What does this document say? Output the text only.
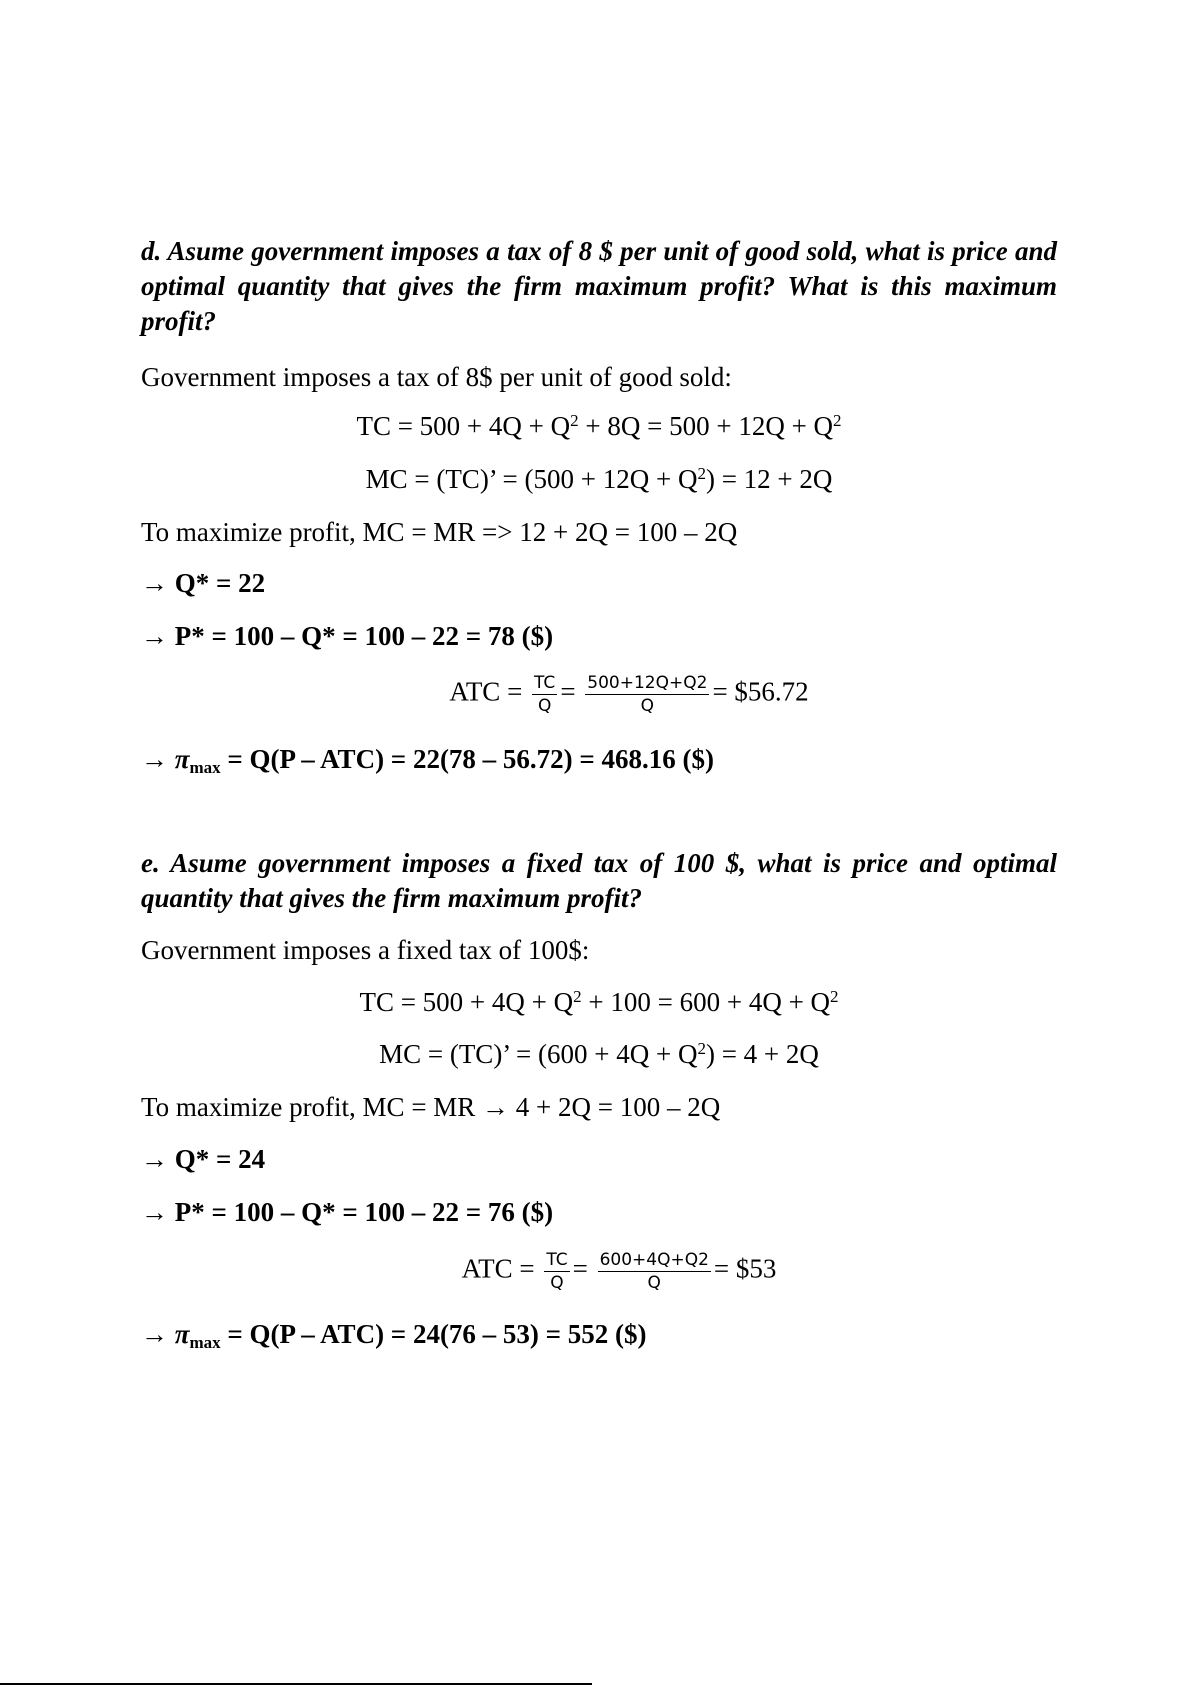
d. Asume government imposes a tax of 8 $ per unit of good sold, what is price and optimal quantity that gives the firm maximum profit? What is this maximum profit?
Government imposes a tax of 8$ per unit of good sold:
TC = $500 + 4Q + Q^2 + 8Q = 500 + 12Q + Q^2$
MC = (TC)’ = $(500 + 12Q + Q^2) = 12 + 2Q$
To maximize profit, MC = MR => 12 + 2Q = 100 – 2Q
→ Q* = 22
→ P* = 100 – Q* = 100 – 22 = 78 ($)
ATC = $\frac{TC}{Q} = \frac{500+12Q+Q2}{Q}$ = $56.72
→ $\pi_{max} = Q(P - ATC) = 22(78 - 56.72) = 468.16$ ($)
e. Asume government imposes a fixed tax of 100 $, what is price and optimal quantity that gives the firm maximum profit?
Government imposes a fixed tax of 100$:
TC = $500 + 4Q + Q^2 + 100 = 600 + 4Q + Q^2$
MC = (TC)’ = $(600 + 4Q + Q^2) = 4 + 2Q$
To maximize profit, MC = MR → 4 + 2Q = 100 – 2Q
→ Q* = 24
→ P* = 100 – Q* = 100 – 22 = 76 ($)
ATC = $\frac{TC}{Q} = \frac{600+4Q+Q2}{Q}$ = $53
→ $\pi_{max} = Q(P - ATC) = 24(76 - 53) = 552$ ($)
